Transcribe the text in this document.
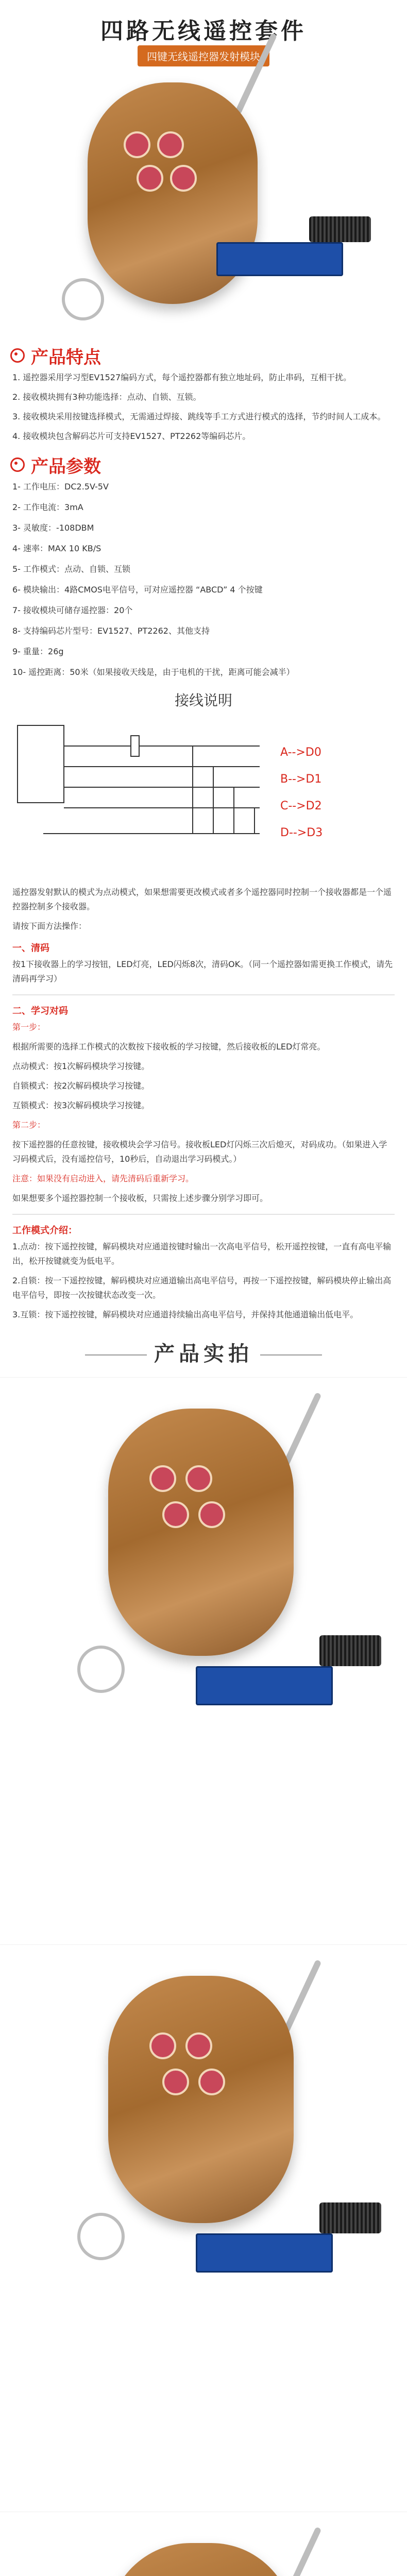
四路无线遥控套件
四键无线遥控器发射模块
产品特点
1. 遥控器采用学习型EV1527编码方式，每个遥控器都有独立地址码，防止串码，互相干扰。
2. 接收模块拥有3种功能选择：点动、自锁、互锁。
3. 接收模块采用按键选择模式，无需通过焊接、跳线等手工方式进行模式的选择，节约时间人工成本。
4. 接收模块包含解码芯片可支持EV1527、PT2262等编码芯片。
产品参数
1- 工作电压：DC2.5V-5V
2- 工作电流：3mA
3- 灵敏度：-108DBM
4- 速率：MAX 10 KB/S
5- 工作模式：点动、自锁、互锁
6- 模块输出：4路CMOS电平信号，可对应遥控器 “ABCD” 4 个按键
7- 接收模块可储存遥控器：20个
8- 支持编码芯片型号：EV1527、PT2262、其他支持
9- 重量：26g
10- 遥控距离：50米（如果接收天线是，由于电机的干扰，距离可能会减半）
接线说明
A-->D0
B-->D1
C-->D2
D-->D3
遥控器发射默认的模式为点动模式，如果想需要更改模式或者多个遥控器同时控制一个接收器都是一个遥控器控制多个接收器。
请按下面方法操作：
一、清码
按1下接收器上的学习按钮，LED灯亮，LED闪烁8次，清码OK。（同一个遥控器如需更换工作模式，请先清码再学习）
二、学习对码
第一步：
根据所需要的选择工作模式的次数按下接收板的学习按键，然后接收板的LED灯常亮。
点动模式：按1次解码模块学习按键。
自锁模式：按2次解码模块学习按键。
互锁模式：按3次解码模块学习按键。
第二步：
按下遥控器的任意按键，接收模块会学习信号。接收板LED灯闪烁三次后熄灭，对码成功。（如果进入学习码模式后，没有遥控信号，10秒后，自动退出学习码模式。）
注意：如果没有启动进入，请先清码后重新学习。
如果想要多个遥控器控制一个接收板，只需按上述步骤分别学习即可。
工作模式介绍：
1.点动：按下遥控按键，解码模块对应通道按键时输出一次高电平信号，松开遥控按键，一直有高电平输出，松开按键就变为低电平。
2.自锁：按一下遥控按键，解码模块对应通道输出高电平信号，再按一下遥控按键，解码模块停止输出高电平信号，即按一次按键状态改变一次。
3.互锁：按下遥控按键，解码模块对应通道持续输出高电平信号，并保持其他通道输出低电平。
产品实拍
